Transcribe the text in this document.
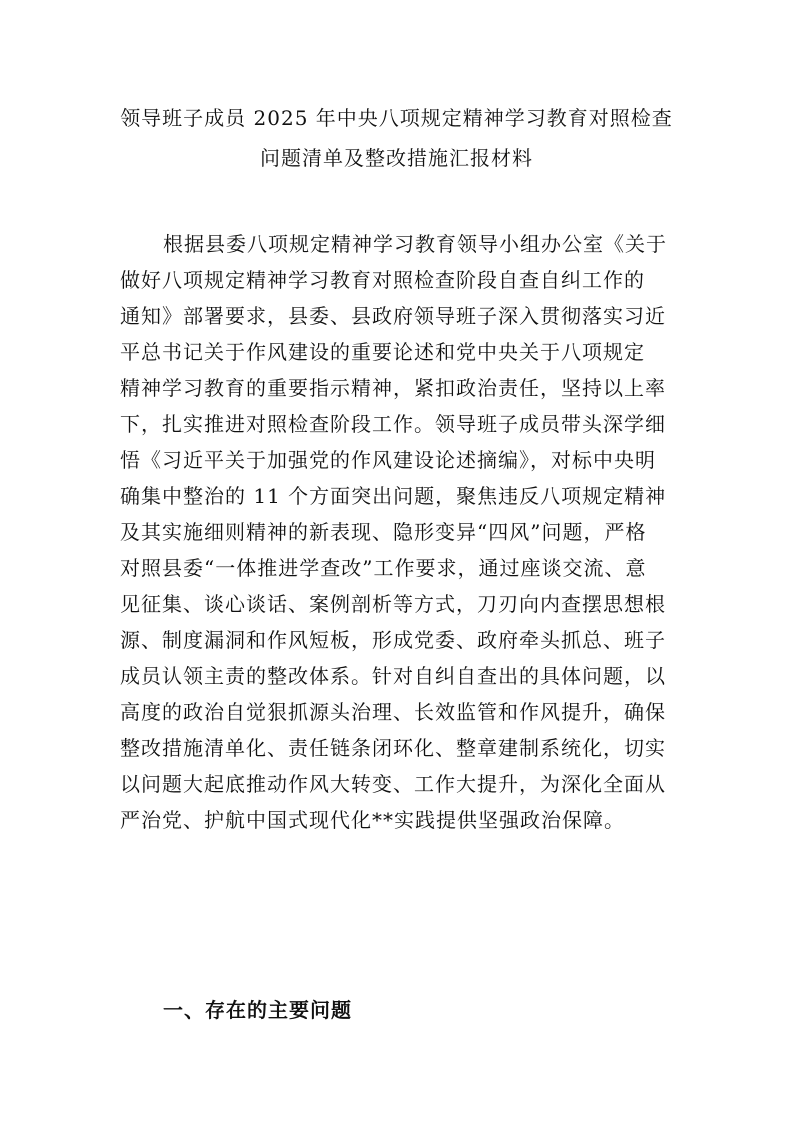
领导班子成员 2025 年中央八项规定精神学习教育对照检查
问题清单及整改措施汇报材料
根据县委八项规定精神学习教育领导小组办公室《关于
做好八项规定精神学习教育对照检查阶段自查自纠工作的
通知》部署要求，县委、县政府领导班子深入贯彻落实习近
平总书记关于作风建设的重要论述和党中央关于八项规定
精神学习教育的重要指示精神，紧扣政治责任，坚持以上率
下，扎实推进对照检查阶段工作。领导班子成员带头深学细
悟《习近平关于加强党的作风建设论述摘编》，对标中央明
确集中整治的 11 个方面突出问题，聚焦违反八项规定精神
及其实施细则精神的新表现、隐形变异“四风”问题，严格
对照县委“一体推进学查改”工作要求，通过座谈交流、意
见征集、谈心谈话、案例剖析等方式，刀刃向内查摆思想根
源、制度漏洞和作风短板，形成党委、政府牵头抓总、班子
成员认领主责的整改体系。针对自纠自查出的具体问题，以
高度的政治自觉狠抓源头治理、长效监管和作风提升，确保
整改措施清单化、责任链条闭环化、整章建制系统化，切实
以问题大起底推动作风大转变、工作大提升，为深化全面从
严治党、护航中国式现代化**实践提供坚强政治保障。
一、存在的主要问题
